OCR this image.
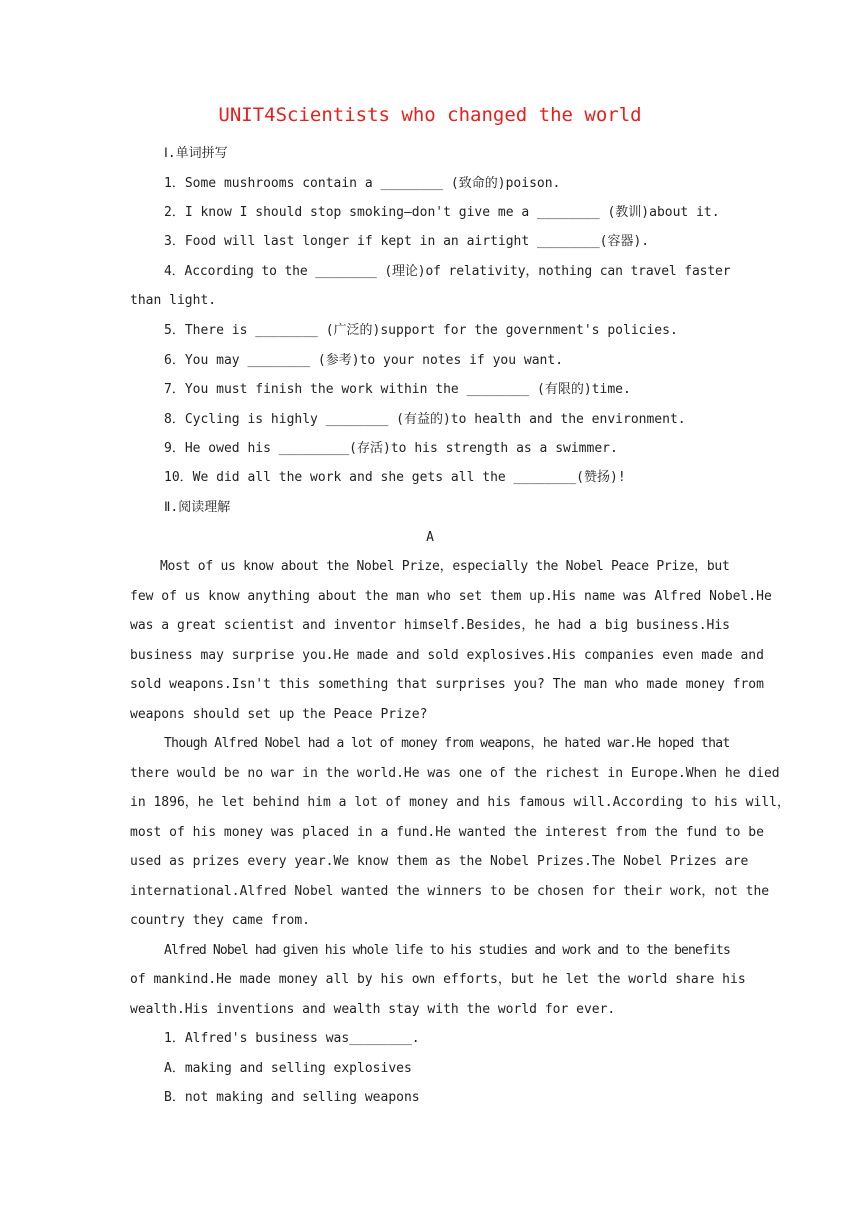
UNIT4Scientists who changed the world
Ⅰ.单词拼写
1．Some mushrooms contain a ________ (致命的)poison.
2．I know I should stop smoking—don't give me a ________ (教训)about it.
3．Food will last longer if kept in an airtight ________(容器).
4．According to the ________ (理论)of relativity，nothing can travel faster
than light.
5．There is ________ (广泛的)support for the government's policies.
6．You may ________ (参考)to your notes if you want.
7．You must finish the work within the ________ (有限的)time.
8．Cycling is highly ________ (有益的)to health and the environment.
9．He owed his _________(存活)to his strength as a swimmer.
10．We did all the work and she gets all the ________(赞扬)!
Ⅱ.阅读理解
A
Most of us know about the Nobel Prize，especially the Nobel Peace Prize，but
few of us know anything about the man who set them up.His name was Alfred Nobel.He
was a great scientist and inventor himself.Besides，he had a big business.His
business may surprise you.He made and sold explosives.His companies even made and
sold weapons.Isn't this something that surprises you? The man who made money from
weapons should set up the Peace Prize?
Though Alfred Nobel had a lot of money from weapons，he hated war.He hoped that
there would be no war in the world.He was one of the richest in Europe.When he died
in 1896，he let behind him a lot of money and his famous will.According to his will，
most of his money was placed in a fund.He wanted the interest from the fund to be
used as prizes every year.We know them as the Nobel Prizes.The Nobel Prizes are
international.Alfred Nobel wanted the winners to be chosen for their work，not the
country they came from.
Alfred Nobel had given his whole life to his studies and work and to the benefits
of mankind.He made money all by his own efforts，but he let the world share his
wealth.His inventions and wealth stay with the world for ever.
1．Alfred's business was________.
A．making and selling explosives
B．not making and selling weapons
